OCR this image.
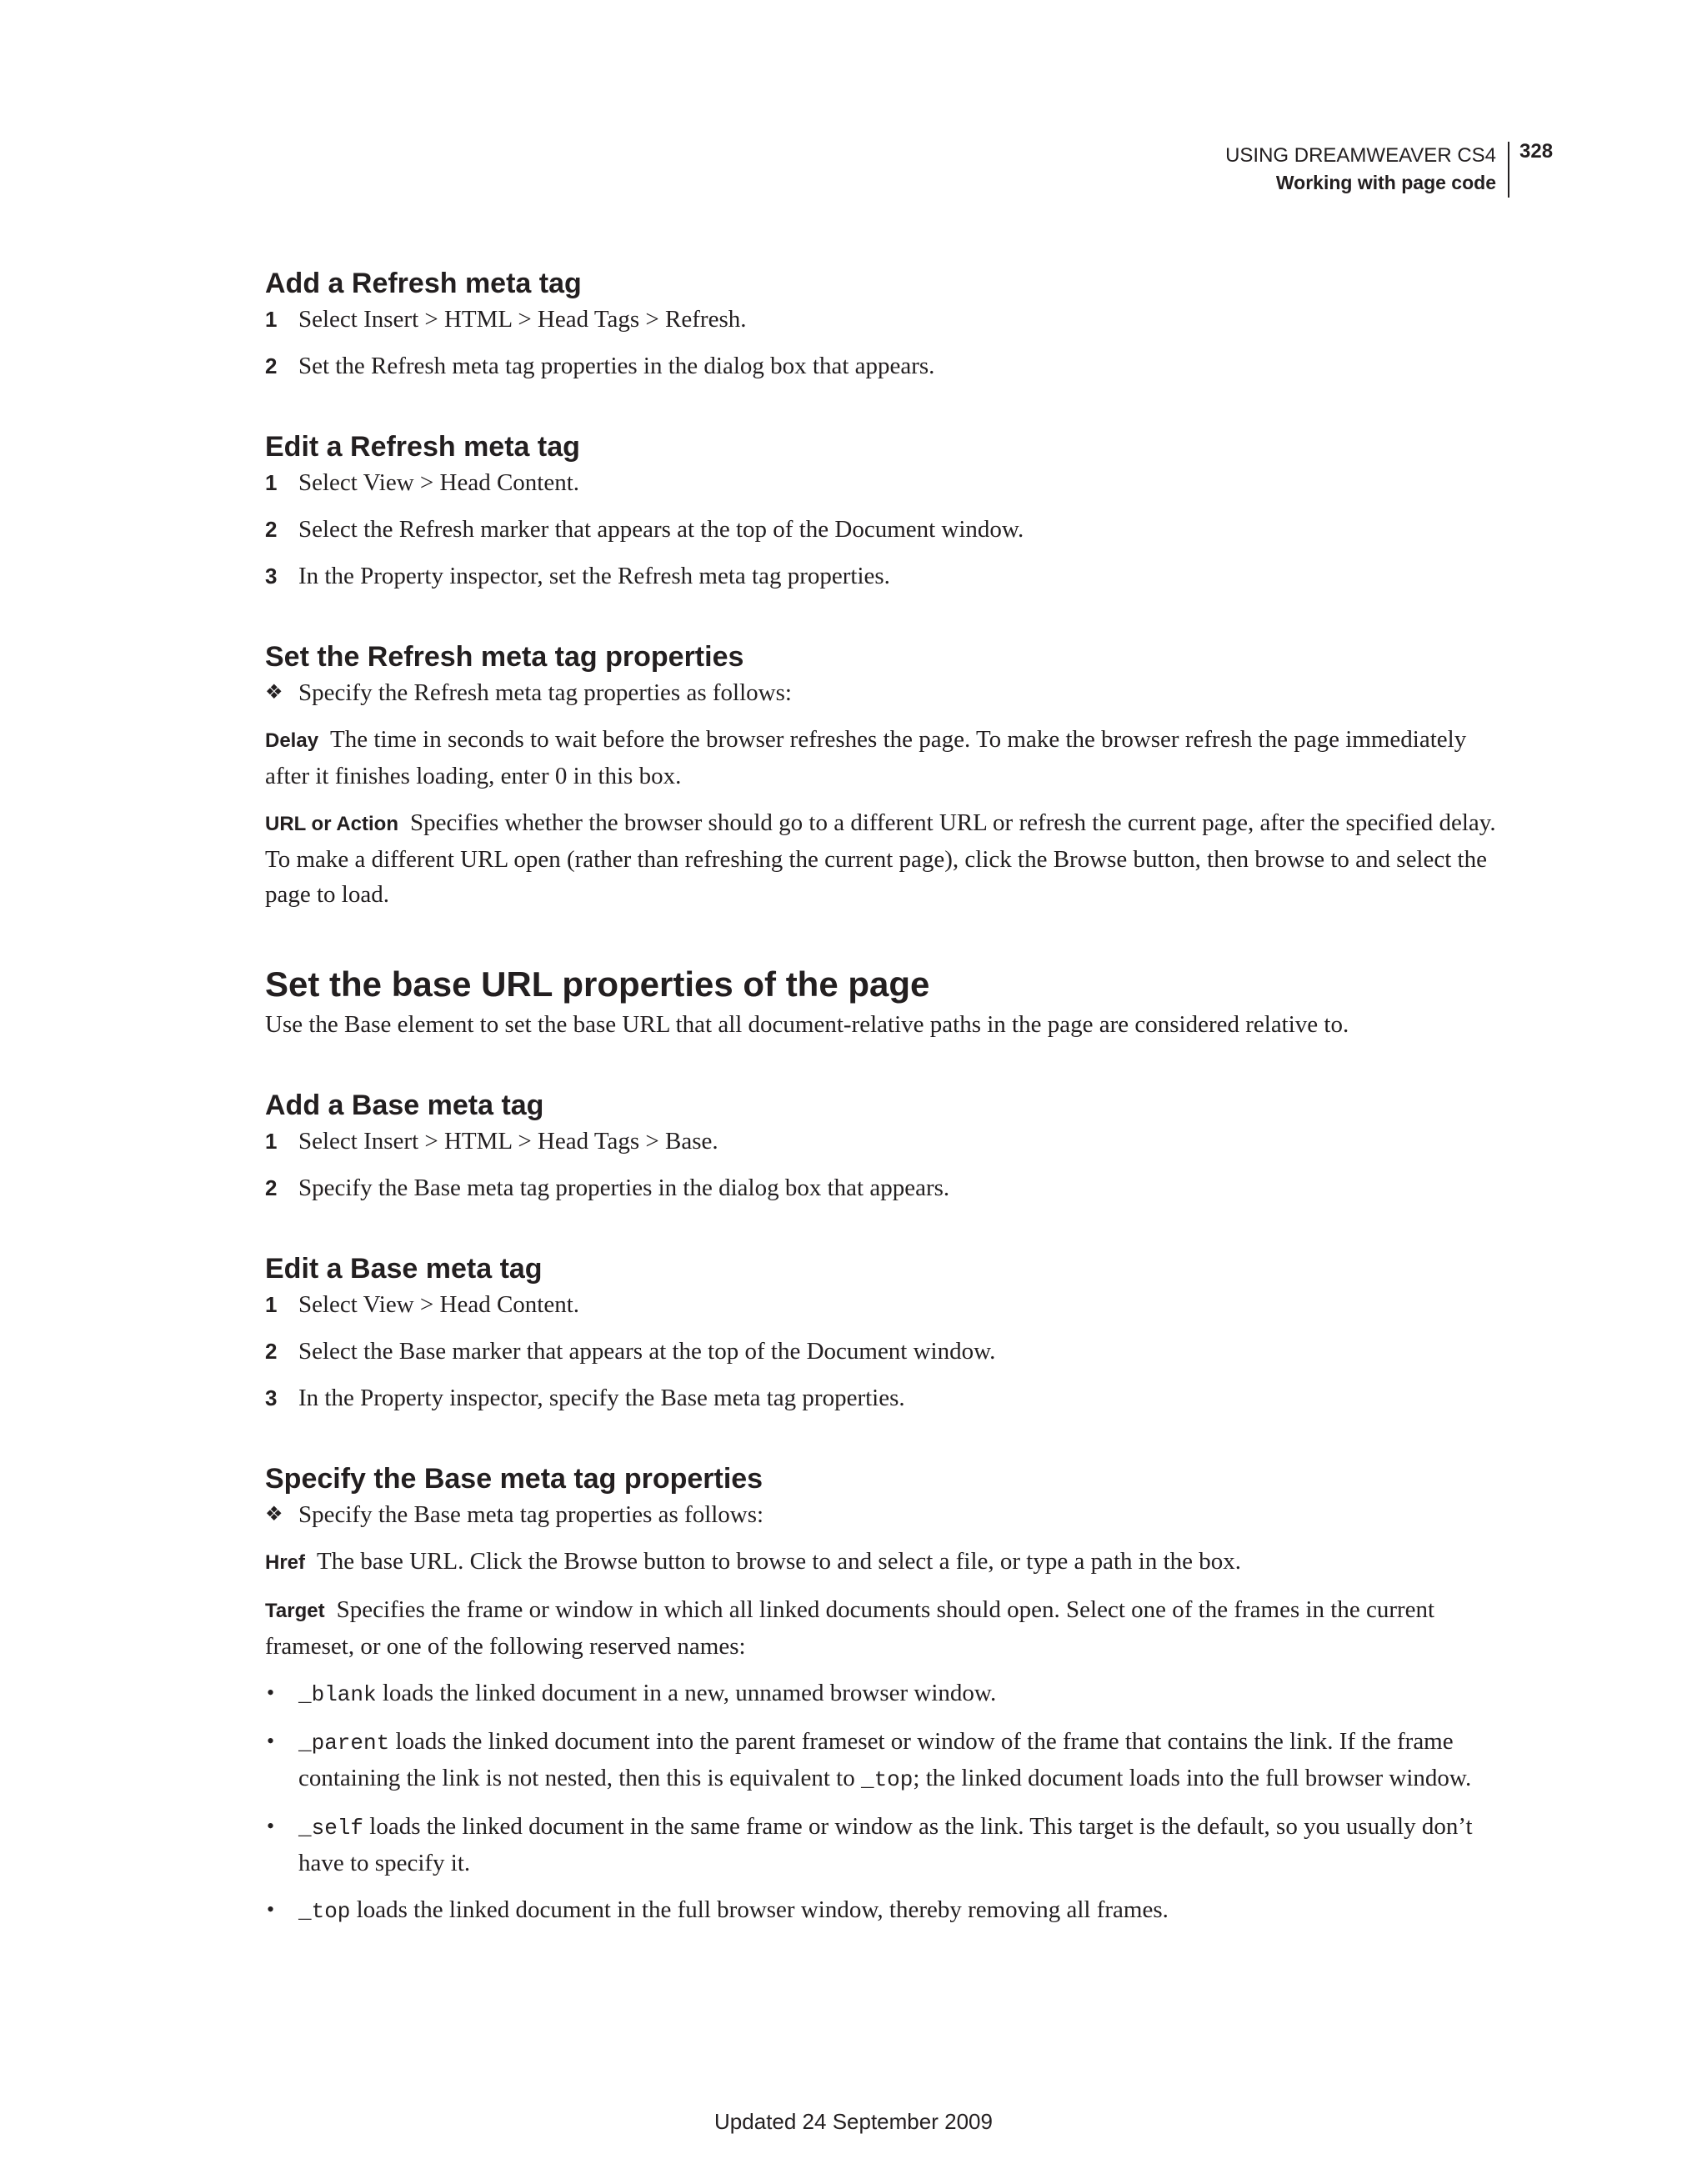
USING DREAMWEAVER CS4
Working with page code
328
Add a Refresh meta tag
1 Select Insert > HTML > Head Tags > Refresh.
2 Set the Refresh meta tag properties in the dialog box that appears.
Edit a Refresh meta tag
1 Select View > Head Content.
2 Select the Refresh marker that appears at the top of the Document window.
3 In the Property inspector, set the Refresh meta tag properties.
Set the Refresh meta tag properties
❖ Specify the Refresh meta tag properties as follows:

Delay The time in seconds to wait before the browser refreshes the page. To make the browser refresh the page immediately after it finishes loading, enter 0 in this box.

URL or Action Specifies whether the browser should go to a different URL or refresh the current page, after the specified delay. To make a different URL open (rather than refreshing the current page), click the Browse button, then browse to and select the page to load.

Set the base URL properties of the page

Use the Base element to set the base URL that all document-relative paths in the page are considered relative to.

Add a Base meta tag
1 Select Insert > HTML > Head Tags > Base.
2 Specify the Base meta tag properties in the dialog box that appears.
Edit a Base meta tag
1 Select View > Head Content.
2 Select the Base marker that appears at the top of the Document window.
3 In the Property inspector, specify the Base meta tag properties.
Specify the Base meta tag properties
❖ Specify the Base meta tag properties as follows:

Href The base URL. Click the Browse button to browse to and select a file, or type a path in the box.

Target Specifies the frame or window in which all linked documents should open. Select one of the frames in the current frameset, or one of the following reserved names:

• _blank loads the linked document in a new, unnamed browser window.
• _parent loads the linked document into the parent frameset or window of the frame that contains the link. If the frame containing the link is not nested, then this is equivalent to _top; the linked document loads into the full browser window.
• _self loads the linked document in the same frame or window as the link. This target is the default, so you usually don’t have to specify it.
• _top loads the linked document in the full browser window, thereby removing all frames.
Updated 24 September 2009
